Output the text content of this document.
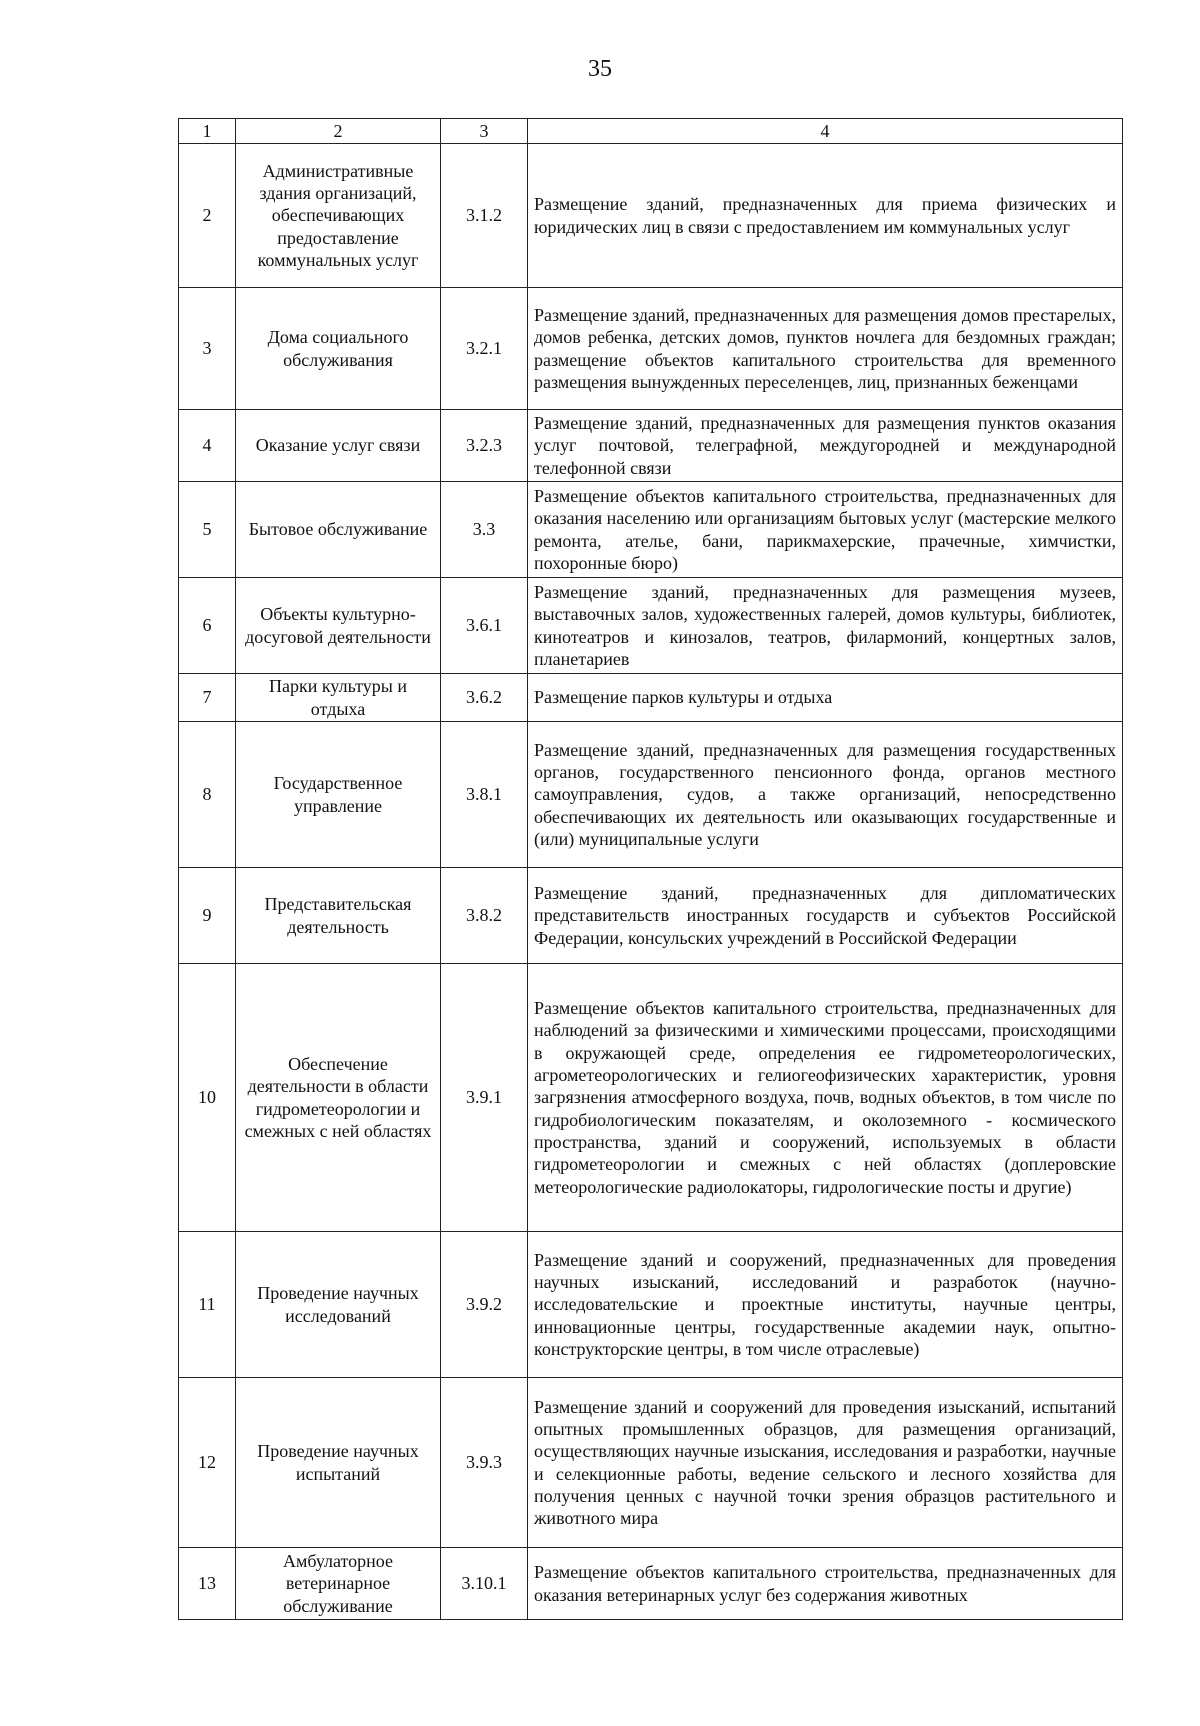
35
1	2	3	4
2	Административные здания организаций, обеспечивающих предоставление коммунальных услуг	3.1.2	Размещение зданий, предназначенных для приема физических и юридических лиц в связи с предоставлением им коммунальных услуг
3	Дома социального обслуживания	3.2.1	Размещение зданий, предназначенных для размещения домов престарелых, домов ребенка, детских домов, пунктов ночлега для бездомных граждан; размещение объектов капитального строительства для временного размещения вынужденных переселенцев, лиц, признанных беженцами
4	Оказание услуг связи	3.2.3	Размещение зданий, предназначенных для размещения пунктов оказания услуг почтовой, телеграфной, междугородней и международной телефонной связи
5	Бытовое обслуживание	3.3	Размещение объектов капитального строительства, предназначенных для оказания населению или организациям бытовых услуг (мастерские мелкого ремонта, ателье, бани, парикмахерские, прачечные, химчистки, похоронные бюро)
6	Объекты культурно-досуговой деятельности	3.6.1	Размещение зданий, предназначенных для размещения музеев, выставочных залов, художественных галерей, домов культуры, библиотек, кинотеатров и кинозалов, театров, филармоний, концертных залов, планетариев
7	Парки культуры и отдыха	3.6.2	Размещение парков культуры и отдыха
8	Государственное управление	3.8.1	Размещение зданий, предназначенных для размещения государственных органов, государственного пенсионного фонда, органов местного самоуправления, судов, а также организаций, непосредственно обеспечивающих их деятельность или оказывающих государственные и (или) муниципальные услуги
9	Представительская деятельность	3.8.2	Размещение зданий, предназначенных для дипломатических представительств иностранных государств и субъектов Российской Федерации, консульских учреждений в Российской Федерации
10	Обеспечение деятельности в области гидрометеорологии и смежных с ней областях	3.9.1	Размещение объектов капитального строительства, предназначенных для наблюдений за физическими и химическими процессами, происходящими в окружающей среде, определения ее гидрометеорологических, агрометеорологических и гелиогеофизических характеристик, уровня загрязнения атмосферного воздуха, почв, водных объектов, в том числе по гидробиологическим показателям, и околоземного - космического пространства, зданий и сооружений, используемых в области гидрометеорологии и смежных с ней областях (доплеровские метеорологические радиолокаторы, гидрологические посты и другие)
11	Проведение научных исследований	3.9.2	Размещение зданий и сооружений, предназначенных для проведения научных изысканий, исследований и разработок (научно-исследовательские и проектные институты, научные центры, инновационные центры, государственные академии наук, опытно-конструкторские центры, в том числе отраслевые)
12	Проведение научных испытаний	3.9.3	Размещение зданий и сооружений для проведения изысканий, испытаний опытных промышленных образцов, для размещения организаций, осуществляющих научные изыскания, исследования и разработки, научные и селекционные работы, ведение сельского и лесного хозяйства для получения ценных с научной точки зрения образцов растительного и животного мира
13	Амбулаторное ветеринарное обслуживание	3.10.1	Размещение объектов капитального строительства, предназначенных для оказания ветеринарных услуг без содержания животных
